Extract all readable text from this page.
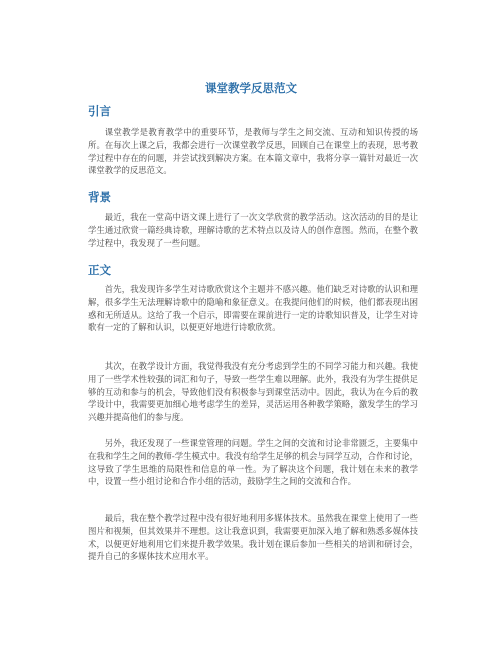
课堂教学反思范文
引言

课堂教学是教育教学中的重要环节，是教师与学生之间交流、互动和知识传授的场所。在每次上课之后，我都会进行一次课堂教学反思，回顾自己在课堂上的表现，思考教学过程中存在的问题，并尝试找到解决方案。在本篇文章中，我将分享一篇针对最近一次课堂教学的反思范文。

背景

最近，我在一堂高中语文课上进行了一次文学欣赏的教学活动。这次活动的目的是让学生通过欣赏一篇经典诗歌，理解诗歌的艺术特点以及诗人的创作意图。然而，在整个教学过程中，我发现了一些问题。

正文

首先，我发现许多学生对诗歌欣赏这个主题并不感兴趣。他们缺乏对诗歌的认识和理解，很多学生无法理解诗歌中的隐喻和象征意义。在我提问他们的时候，他们都表现出困惑和无所适从。这给了我一个启示，即需要在课前进行一定的诗歌知识普及，让学生对诗歌有一定的了解和认识，以便更好地进行诗歌欣赏。

其次，在教学设计方面，我觉得我没有充分考虑到学生的不同学习能力和兴趣。我使用了一些学术性较强的词汇和句子，导致一些学生难以理解。此外，我没有为学生提供足够的互动和参与的机会，导致他们没有积极参与到课堂活动中。因此，我认为在今后的教学设计中，我需要更加细心地考虑学生的差异，灵活运用各种教学策略，激发学生的学习兴趣并提高他们的参与度。

另外，我还发现了一些课堂管理的问题。学生之间的交流和讨论非常匮乏，主要集中在我和学生之间的教师-学生模式中。我没有给学生足够的机会与同学互动，合作和讨论，这导致了学生思维的局限性和信息的单一性。为了解决这个问题，我计划在未来的教学中，设置一些小组讨论和合作小组的活动，鼓励学生之间的交流和合作。

最后，我在整个教学过程中没有很好地利用多媒体技术。虽然我在课堂上使用了一些图片和视频，但其效果并不理想。这让我意识到，我需要更加深入地了解和熟悉多媒体技术，以便更好地利用它们来提升教学效果。我计划在课后参加一些相关的培训和研讨会，提升自己的多媒体技术应用水平。
